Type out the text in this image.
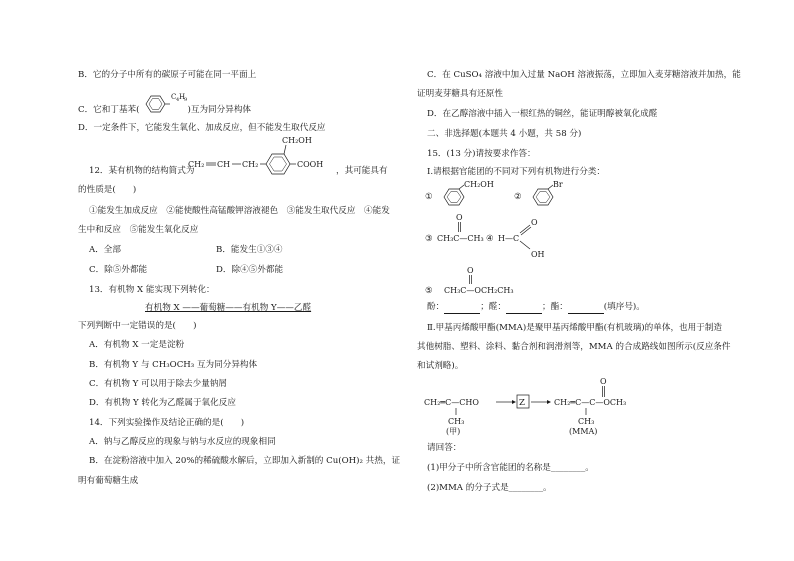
B．它的分子中所有的碳原子可能在同一平面上
C．它和丁基苯(
C 4 H
9
)互为同分异构体
D．一定条件下，它能发生氧化、加成反应，但不能发生取代反应
12．某有机物的结构简式为
CH₂ CH CH₂
CH₂OH
COOH
，其可能具有
的性质是(　　)
①能发生加成反应　②能使酸性高锰酸钾溶液褪色　③能发生取代反应　④能发
生中和反应　⑤能发生氧化反应
A．全部	B．能发生①③④
C．除⑤外都能	D．除④⑤外都能
13．有机物 X 能实现下列转化：
有机物 X ——葡萄糖——有机物 Y——乙醛
下列判断中一定错误的是(　　)
A．有机物 X 一定是淀粉
B．有机物 Y 与 CH₃OCH₃ 互为同分异构体
C．有机物 Y 可以用于除去少量钠屑
D．有机物 Y 转化为乙醛属于氧化反应
14．下列实验操作及结论正确的是(　　)
A．钠与乙醇反应的现象与钠与水反应的现象相同
B．在淀粉溶液中加入 20%的稀硫酸水解后，立即加入新制的 Cu(OH)₂ 共热，证
明有葡萄糖生成
C．在 CuSO₄ 溶液中加入过量 NaOH 溶液振荡，立即加入麦芽糖溶液并加热，能
证明麦芽糖具有还原性
D．在乙醇溶液中插入一根红热的铜丝，能证明醇被氧化成醛
二、非选择题(本题共 4 小题，共 58 分)
15．(13 分)请按要求作答：
Ⅰ.请根据官能团的不同对下列有机物进行分类：
①
CH₂OH
②
Br
③
O
CH₃C—CH₃ ④ H—C
O
OH
⑤
O
CH₃C—OCH₂CH₃
酚：	；醛：	；酯：	(填序号)。
Ⅱ.甲基丙烯酸甲酯(MMA)是聚甲基丙烯酸甲酯(有机玻璃)的单体，也用于制造
其他树脂、塑料、涂料、黏合剂和润滑剂等，MMA 的合成路线如图所示(反应条件
和试剂略)。
CH₂═C—CHO
CH₃
(甲)
Z
O
CH₂═C—C—OCH₃
CH₃
(MMA)
请回答：
(1)甲分子中所含官能团的名称是________。
(2)MMA 的分子式是________。
